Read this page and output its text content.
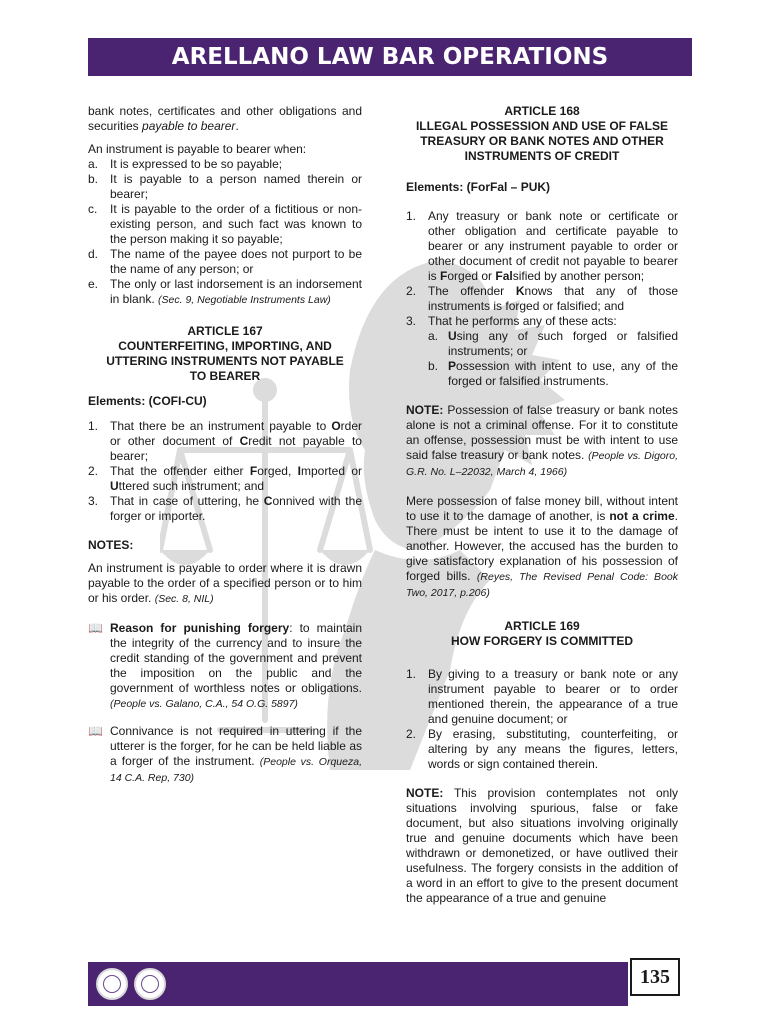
ARELLANO LAW BAR OPERATIONS COMMISSION 2022

bank notes, certificates and other obligations and securities payable to bearer.

An instrument is payable to bearer when:

a. It is expressed to be so payable;
b. It is payable to a person named therein or bearer;
c. It is payable to the order of a fictitious or non-existing person, and such fact was known to the person making it so payable;
d. The name of the payee does not purport to be the name of any person; or
e. The only or last indorsement is an indorsement in blank. (Sec. 9, Negotiable Instruments Law)
ARTICLE 167
COUNTERFEITING, IMPORTING, AND
UTTERING INSTRUMENTS NOT PAYABLE
TO BEARER
Elements: (COFI-CU)
1. That there be an instrument payable to Order or other document of Credit not payable to bearer;
2. That the offender either Forged, Imported or Uttered such instrument; and
3. That in case of uttering, he Connived with the forger or importer.
NOTES:

An instrument is payable to order where it is drawn payable to the order of a specified person or to him or his order. (Sec. 8, NIL)

📖 Reason for punishing forgery: to maintain the integrity of the currency and to insure the credit standing of the government and prevent the imposition on the public and the government of worthless notes or obligations. (People vs. Galano, C.A., 54 O.G. 5897)
📖 Connivance is not required in uttering if the utterer is the forger, for he can be held liable as a forger of the instrument. (People vs. Orqueza, 14 C.A. Rep, 730)
ARTICLE 168
ILLEGAL POSSESSION AND USE OF FALSE
TREASURY OR BANK NOTES AND OTHER
INSTRUMENTS OF CREDIT
Elements: (ForFal – PUK)
1. Any treasury or bank note or certificate or other obligation and certificate payable to bearer or any instrument payable to order or other document of credit not payable to bearer is Forged or Falsified by another person;
2. The offender Knows that any of those instruments is forged or falsified; and
3. That he performs any of these acts:
a. Using any of such forged or falsified instruments; or
b. Possession with intent to use, any of the forged or falsified instruments.

NOTE: Possession of false treasury or bank notes alone is not a criminal offense. For it to constitute an offense, possession must be with intent to use said false treasury or bank notes. (People vs. Digoro, G.R. No. L–22032, March 4, 1966)

Mere possession of false money bill, without intent to use it to the damage of another, is not a crime. There must be intent to use it to the damage of another. However, the accused has the burden to give satisfactory explanation of his possession of forged bills. (Reyes, The Revised Penal Code: Book Two, 2017, p.206)

ARTICLE 169
HOW FORGERY IS COMMITTED
1. By giving to a treasury or bank note or any instrument payable to bearer or to order mentioned therein, the appearance of a true and genuine document; or
2. By erasing, substituting, counterfeiting, or altering by any means the figures, letters, words or sign contained therein.

NOTE: This provision contemplates not only situations involving spurious, false or fake document, but also situations involving originally true and genuine documents which have been withdrawn or demonetized, or have outlived their usefulness. The forgery consists in the addition of a word in an effort to give to the present document the appearance of a true and genuine

135
